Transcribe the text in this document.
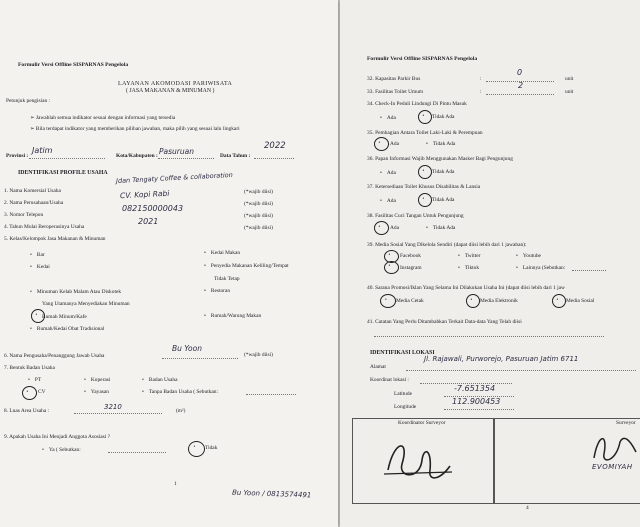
Formulir Versi Offline SISPARNAS Pengelola
LAYANAN AKOMODASI PARIWISATA
( JASA MAKANAN & MINUMAN )
Petunjuk pengisian :
➢ Jawablah semua indikator sesuai dengan informasi yang tersedia
➢ Bila terdapat indikator yang memberikan pilihan jawaban, maka pilih yang sesuai lalu lingkari
Provinsi :
Jatim
Kota/Kabupaten : Pasuruan	Data Tahun :
2022
IDENTIFIKASI PROFILE USAHA
1. Nama Komersial Usaha
Jdan Tengaty Coffee & collaboration
(*wajib diisi)
2. Nama Perusahaan/Usaha
CV. Kopi Rabi
(*wajib diisi)
3. Nomor Telepon
082150000043
(*wajib diisi)
4. Tahun Mulai Beroperasinya Usaha
2021
(*wajib diisi)
5. Kelas/Kelompok Jasa Makanan & Minuman
• Bar
• Kedai
• Kedai Makan
• Penyedia Makanan Keliling/Tempat
Tidak Tetap
• Minuman Kelab Malam Atau Diskotek
Yang Utamanya Menyediakan Minuman
• Restoran
Rumah Minum/Kafe
•	• Rumah/Warung Makan
• Rumah/Kedai Obat Tradisional
6. Nama Pengusaha/Penanggung Jawab Usaha
Bu Yoon
(*wajib diisi)
7. Bentuk Badan Usaha
• PT	• Koperasi	• Badan Usaha
• CV	• Yayasan	• Tanpa Badan Usaha ( Sebutkan:
8. Luas Area Usaha :	3210	(m²)
9. Apakah Usaha Ini Menjadi Anggota Asosiasi ?
• Ya ( Sebutkan:	• Tidak
1
Bu Yoon / 0813574491
Formulir Versi Offline SISPARNAS Pengelola
32. Kapasitas Parkir Bus	:
0
unit
33. Fasilitas Toilet Umum	:
2
unit
34. Check-In Peduli Lindungi Di Pintu Masuk
• Ada	• Tidak Ada
35. Pembagian Antara Toilet Laki-Laki & Perempuan
• Ada	• Tidak Ada
36. Papan Informasi Wajib Menggunakan Masker Bagi Pengunjung
• Ada	• Tidak Ada
37. Ketersediaan Toilet Khusus Disabilitas & Lansia
• Ada	• Tidak Ada
38. Fasilitas Cuci Tangan Untuk Pengunjung
• Ada	• Tidak Ada
39. Media Sosial Yang Dikelola Sendiri (dapat diisi lebih dari 1 jawaban):
• Facebook	• Twitter	• Youtube
• Instagram	• Tiktok	• Lainnya (Sebutkan:
40. Sarana Promosi/Iklan Yang Selama Ini Dilakukan Usaha Ini (dapat diisi lebih dari 1 jaw
• Media Cetak	• Media Elektronik	• Media Sosial
41. Catatan Yang Perlu Ditambahkan Terkait Data-data Yang Telah diisi
IDENTIFIKASI LOKASI
Alamat
Jl. Rajawali, Purworejo, Pasuruan Jatim 6711
Koordinat lokasi :
Latitude
-7.651354
Longitude
112.900453
Koordinator Surveyor	Surveyor
EVOMIYAH
4
